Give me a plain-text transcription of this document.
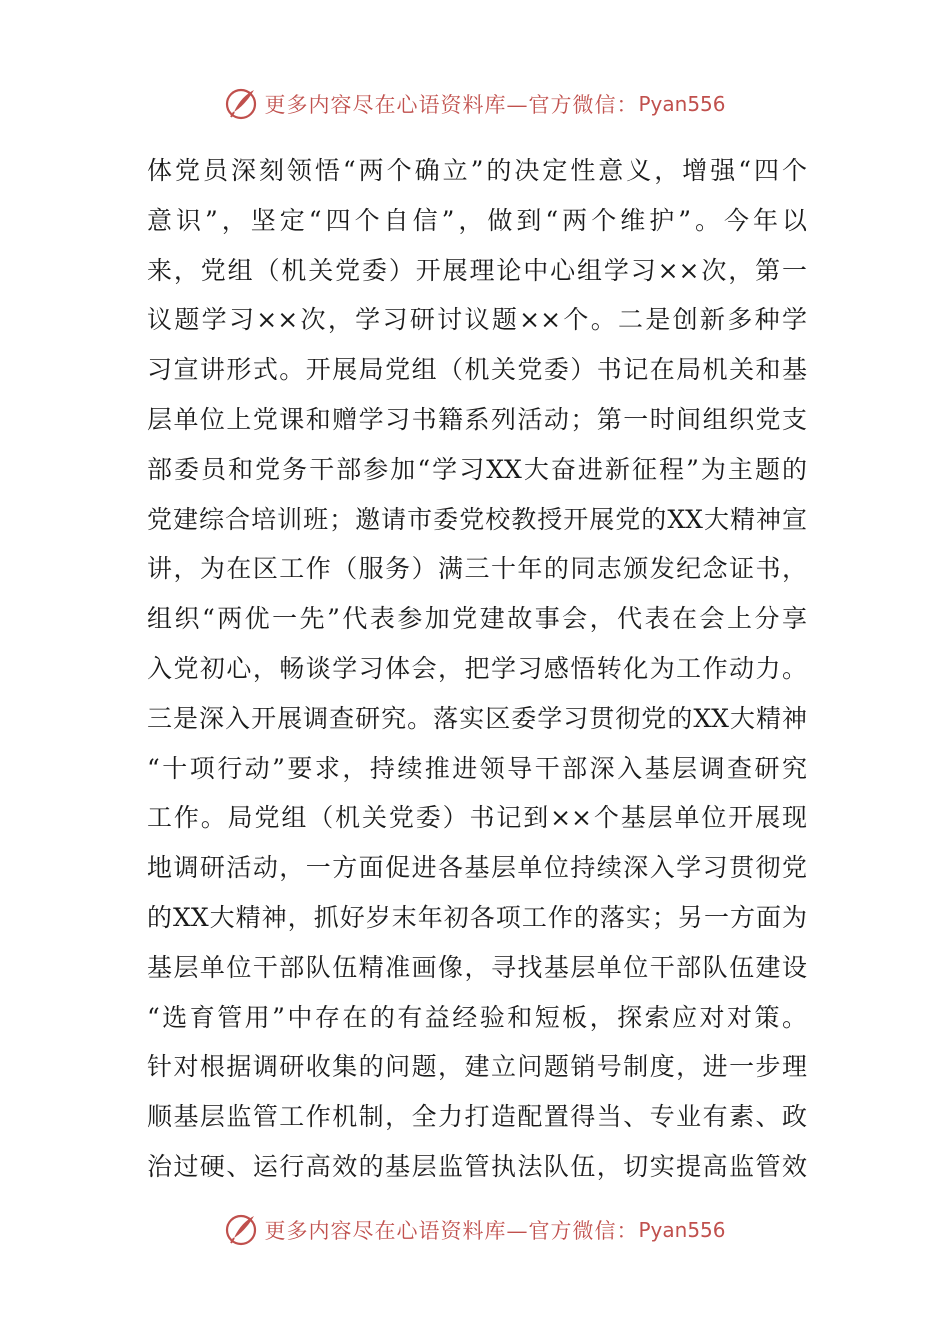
更多内容尽在心语资料库—官方微信： Pyan556
体党员深刻领悟“两个确立”的决定性意义，增强“四个
意识”，坚定“四个自信”，做到“两个维护”。今年以
来，党组（机关党委）开展理论中心组学习××次，第一
议题学习××次，学习研讨议题××个。二是创新多种学
习宣讲形式。开展局党组（机关党委）书记在局机关和基
层单位上党课和赠学习书籍系列活动；第一时间组织党支
部委员和党务干部参加“学习XX大奋进新征程”为主题的
党建综合培训班；邀请市委党校教授开展党的XX大精神宣
讲，为在区工作（服务）满三十年的同志颁发纪念证书，
组织“两优一先”代表参加党建故事会，代表在会上分享
入党初心，畅谈学习体会，把学习感悟转化为工作动力。
三是深入开展调查研究。落实区委学习贯彻党的XX大精神
“十项行动”要求，持续推进领导干部深入基层调查研究
工作。局党组（机关党委）书记到××个基层单位开展现
地调研活动，一方面促进各基层单位持续深入学习贯彻党
的XX大精神，抓好岁末年初各项工作的落实；另一方面为
基层单位干部队伍精准画像，寻找基层单位干部队伍建设
“选育管用”中存在的有益经验和短板，探索应对对策。
针对根据调研收集的问题，建立问题销号制度，进一步理
顺基层监管工作机制，全力打造配置得当、专业有素、政
治过硬、运行高效的基层监管执法队伍，切实提高监管效
更多内容尽在心语资料库—官方微信： Pyan556
